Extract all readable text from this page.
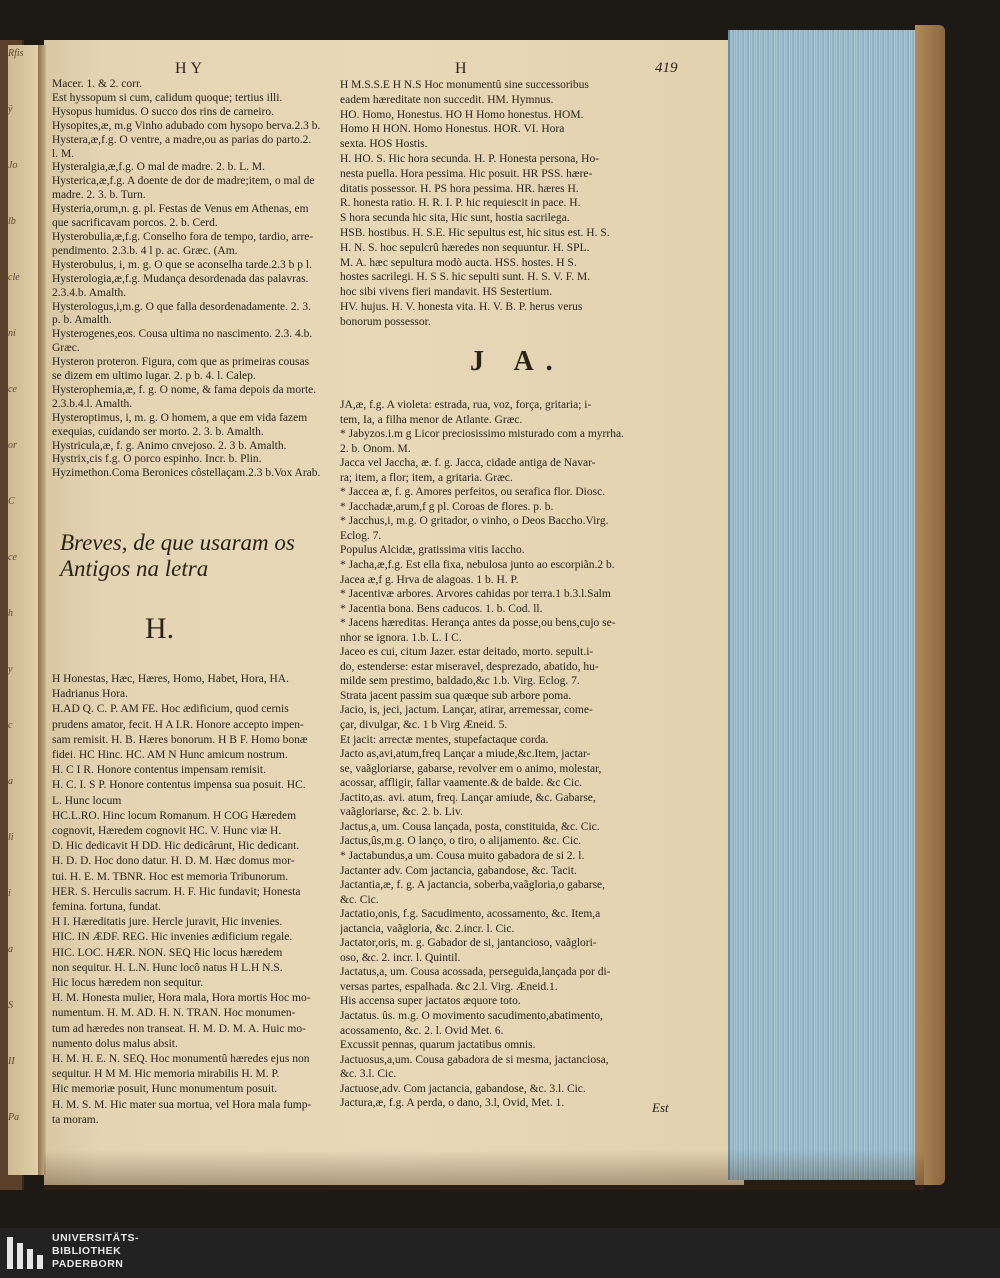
Rfis
ÿ
Jo
lb
cle
ni
ce
or
C
ce
h
y
c
a
li
i
a
S
II
Pa
HY	H	419
Macer. 1. & 2. corr.
Est hyssopum si cum, calidum quoque; tertius illi.
Hysopus humidus. O succo dos rins de carneiro.
Hysopites,æ, m.g Vinho adubado com hysopo berva.2.3 b.
Hystera,æ,f.g. O ventre, a madre,ou as parias do parto.2.
l. M.
Hysteralgia,æ,f.g. O mal de madre. 2. b. L. M.
Hysterica,æ,f.g. A doente de dor de madre;item, o mal de
madre. 2. 3. b. Turn.
Hysteria,orum,n. g. pl. Festas de Venus em Athenas, em
que sacrificavam porcos. 2. b. Cerd.
Hysterobulia,æ,f.g. Conselho fora de tempo, tardio, arre-
pendimento. 2.3.b. 4 l p. ac. Græc. (Am.
Hysterobulus, i, m. g. O que se aconselha tarde.2.3 b p l.
Hysterologia,æ,f.g. Mudança desordenada das palavras.
2.3.4.b. Amalth.
Hysterologus,i,m.g. O que falla desordenadamente. 2. 3.
p. b. Amalth.
Hysterogenes,eos. Cousa ultima no nascimento. 2.3. 4.b.
Græc.
Hysteron proteron. Figura, com que as primeiras cousas
se dizem em ultimo lugar. 2. p b. 4. l. Calep.
Hysterophemia,æ, f. g. O nome, & fama depois da morte.
2.3.b.4.l. Amalth.
Hysteroptimus, i, m. g. O homem, a que em vida fazem
exequias, cuidando ser morto. 2. 3. b. Amalth.
Hystricula,æ, f. g. Animo cnvejoso. 2. 3 b. Amalth.
Hystrix,cis f.g. O porco espinho. Incr. b. Plin.
Hyzimethon.Coma Beronices côstellaçam.2.3 b.Vox Arab.
Breves, de que usaram os Antigos na letra
H.
H Honestas, Hæc, Hæres, Homo, Habet, Hora, HA.
Hadrianus Hora.
H.AD Q. C. P. AM FE. Hoc ædificium, quod cernis
prudens amator, fecit. H A I.R. Honore accepto impen-
sam remisit. H. B. Hæres bonorum. H B F. Homo bonæ
fidei. HC Hinc. HC. AM N Hunc amicum nostrum.
H. C I R. Honore contentus impensam remisit.
H. C. I. S P. Honore contentus impensa sua posuit. HC.
L. Hunc locum
HC.L.RO. Hinc locum Romanum. H COG Hæredem
cognovit, Hæredem cognovit HC. V. Hunc viæ H.
D. Hic dedicavit H DD. Hic dedicârunt, Hic dedicant.
H. D. D. Hoc dono datur. H. D. M. Hæc domus mor-
tui. H. E. M. TBNR. Hoc est memoria Tribunorum.
HER. S. Herculis sacrum. H. F. Hic fundavit; Honesta
femina. fortuna, fundat.
H I. Hæreditatis jure. Hercle juravit, Hic invenies.
HIC. IN ÆDF. REG. Hic invenies ædificium regale.
HIC. LOC. HÆR. NON. SEQ Hic locus hæredem
non sequitur. H. L.N. Hunc locô natus H L.H N.S.
Hic locus hæredem non sequitur.
H. M. Honesta mulier, Hora mala, Hora mortis Hoc mo-
numentum. H. M. AD. H. N. TRAN. Hoc monumen-
tum ad hæredes non transeat. H. M. D. M. A. Huic mo-
numento dolus malus absit.
H. M. H. E. N. SEQ. Hoc monumentû hæredes ejus non
sequitur. H M M. Hic memoria mirabilis H. M. P.
Hic memoriæ posuit, Hunc monumentum posuit.
H. M. S. M. Hic mater sua mortua, vel Hora mala fump-
ta moram.
H M.S.S.E H N.S Hoc monumentû sine successoribus
eadem hæreditate non succedit. HM. Hymnus.
HO. Homo, Honestus. HO H Homo honestus. HOM.
Homo H HON. Homo Honestus. HOR. VI. Hora
sexta. HOS Hostis.
H. HO. S. Hic hora secunda. H. P. Honesta persona, Ho-
nesta puella. Hora pessima. Hic posuit. HR PSS. hære-
ditatis possessor. H. PS hora pessima. HR. hæres H.
R. honesta ratio. H. R. I. P. hic requiescit in pace. H.
S hora secunda hic sita, Hic sunt, hostia sacrilega.
HSB. hostibus. H. S.E. Hic sepultus est, hic situs est. H. S.
H. N. S. hoc sepulcrû hæredes non sequuntur. H. SPL.
M. A. hæc sepultura modò aucta. HSS. hostes. H S.
hostes sacrilegi. H. S S. hic sepulti sunt. H. S. V. F. M.
hoc sibi vivens fieri mandavit. HS Sestertium.
HV. hujus. H. V. honesta vita. H. V. B. P. herus verus
bonorum possessor.
J A.
JA,æ, f.g. A violeta: estrada, rua, voz, força, gritaria; i-
tem, Ia, a filha menor de Atlante. Græc.
* Jabyzos.i.m g Licor preciosissimo misturado com a myrrha.
2. b. Onom. M.
Jacca vel Jaccha, æ. f. g. Jacca, cidade antiga de Navar-
ra; item, a flor; item, a gritaria. Græc.
* Jaccea æ, f. g. Amores perfeitos, ou serafica flor. Diosc.
* Jacchadæ,arum,f g pl. Coroas de flores. p. b.
* Jacchus,i, m.g. O gritador, o vinho, o Deos Baccho.Virg.
Eclog. 7.
Populus Alcidæ, gratissima vitis Iaccho.
* Jacha,æ,f.g. Est ella fixa, nebulosa junto ao escorpiãn.2 b.
Jacea æ,f g. Hrva de alagoas. 1 b. H. P.
* Jacentivæ arbores. Arvores cahidas por terra.1 b.3.l.Salm
* Jacentia bona. Bens caducos. 1. b. Cod. ll.
* Jacens hæreditas. Herança antes da posse,ou bens,cujo se-
nhor se ignora. 1.b. L. I C.
Jaceo es cui, citum Jazer. estar deitado, morto. sepult.i-
do, estenderse: estar miseravel, desprezado, abatido, hu-
milde sem prestimo, baldado,&c 1.b. Virg. Eclog. 7.
Strata jacent passim sua quæque sub arbore poma.
Jacio, is, jeci, jactum. Lançar, atirar, arremessar, come-
çar, divulgar, &c. 1 b Virg Æneid. 5.
Et jacit: arrectæ mentes, stupefactaque corda.
Jacto as,avi,atum,freq Lançar a miude,&c.Item, jactar-
se, vaãgloriarse, gabarse, revolver em o animo, molestar,
acossar, affligir, fallar vaamente.& de balde. &c Cic.
Jactito,as. avi. atum, freq. Lançar amiude, &c. Gabarse,
vaãgloriarse, &c. 2. b. Liv.
Jactus,a, um. Cousa lançada, posta, constituida, &c. Cic.
Jactus,ûs,m.g. O lanço, o tiro, o alijamento. &c. Cic.
* Jactabundus,a um. Cousa muito gabadora de si 2. l.
Jactanter adv. Com jactancia, gabandose, &c. Tacit.
Jactantia,æ, f. g. A jactancia, soberba,vaãgloria,o gabarse,
&c. Cic.
Jactatio,onis, f.g. Sacudimento, acossamento, &c. Item,a
jactancia, vaãgloria, &c. 2.incr. l. Cic.
Jactator,oris, m. g. Gabador de si, jantancioso, vaãglori-
oso, &c. 2. incr. l. Quintil.
Jactatus,a, um. Cousa acossada, perseguida,lançada por di-
versas partes, espalhada. &c 2.l. Virg. Æneid.1.
His accensa super jactatos æquore toto.
Jactatus. ûs. m.g. O movimento sacudimento,abatimento,
acossamento, &c. 2. l. Ovid Met. 6.
Excussit pennas, quarum jactatibus omnis.
Jactuosus,a,um. Cousa gabadora de si mesma, jactanciosa,
&c. 3.l. Cic.
Jactuose,adv. Com jactancia, gabandose, &c. 3.l. Cic.
Jactura,æ, f.g. A perda, o dano, 3.l, Ovid, Met. 1.	Est
UNIVERSITÄTS-
BIBLIOTHEK
PADERBORN
